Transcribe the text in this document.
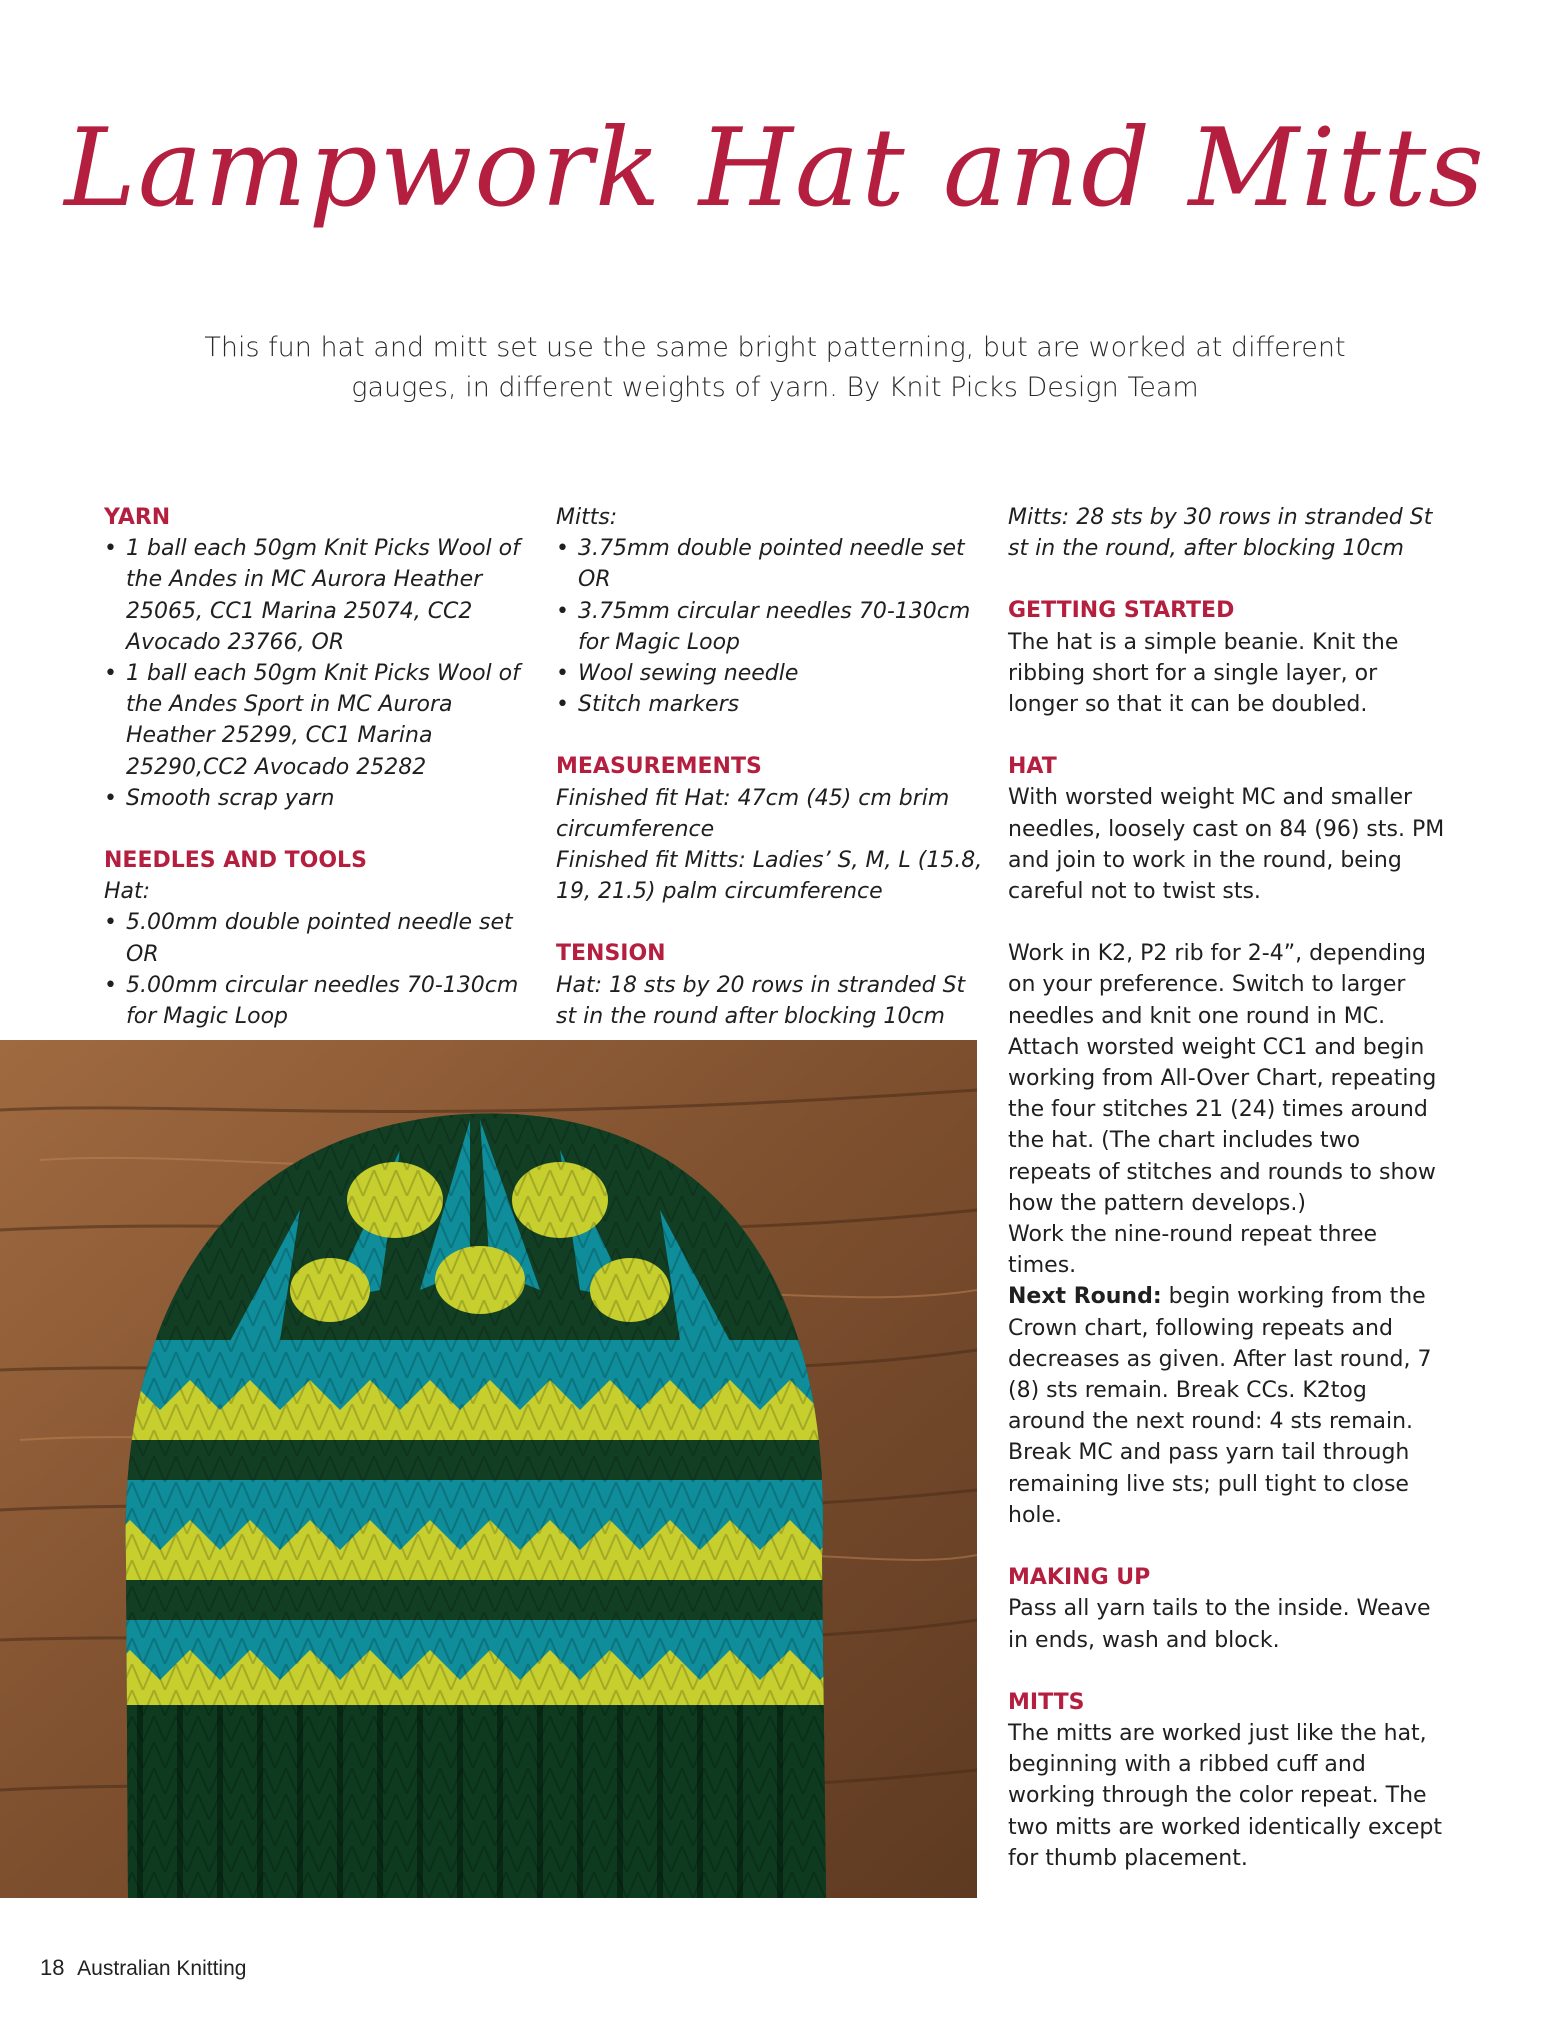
Lampwork Hat and Mitts
This fun hat and mitt set use the same bright patterning, but are worked at different gauges, in different weights of yarn. By Knit Picks Design Team

YARN

• 1 ball each 50gm Knit Picks Wool of the Andes in MC Aurora Heather 25065, CC1 Marina 25074, CC2 Avocado 23766, OR
• 1 ball each 50gm Knit Picks Wool of the Andes Sport in MC Aurora Heather 25299, CC1 Marina 25290,CC2 Avocado 25282
• Smooth scrap yarn

NEEDLES AND TOOLS

Hat:

• 5.00mm double pointed needle set OR
• 5.00mm circular needles 70-130cm for Magic Loop

Mitts:

• 3.75mm double pointed needle set OR
• 3.75mm circular needles 70-130cm for Magic Loop
• Wool sewing needle
• Stitch markers

MEASUREMENTS

Finished fit Hat: 47cm (45) cm brim circumference

Finished fit Mitts: Ladies’ S, M, L (15.8, 19, 21.5) palm circumference

TENSION

Hat: 18 sts by 20 rows in stranded St st in the round after blocking 10cm

Mitts: 28 sts by 30 rows in stranded St st in the round, after blocking 10cm

GETTING STARTED

The hat is a simple beanie. Knit the ribbing short for a single layer, or longer so that it can be doubled.

HAT

With worsted weight MC and smaller needles, loosely cast on 84 (96) sts. PM and join to work in the round, being careful not to twist sts.

Work in K2, P2 rib for 2-4”, depending on your preference. Switch to larger needles and knit one round in MC.

Attach worsted weight CC1 and begin working from All-Over Chart, repeating the four stitches 21 (24) times around the hat. (The chart includes two repeats of stitches and rounds to show how the pattern develops.)

Work the nine-round repeat three times.

Next Round: begin working from the Crown chart, following repeats and decreases as given. After last round, 7 (8) sts remain. Break CCs. K2tog around the next round: 4 sts remain. Break MC and pass yarn tail through remaining live sts; pull tight to close hole.

MAKING UP

Pass all yarn tails to the inside. Weave in ends, wash and block.

MITTS

The mitts are worked just like the hat, beginning with a ribbed cuff and working through the color repeat. The two mitts are worked identically except for thumb placement.

18 Australian Knitting
